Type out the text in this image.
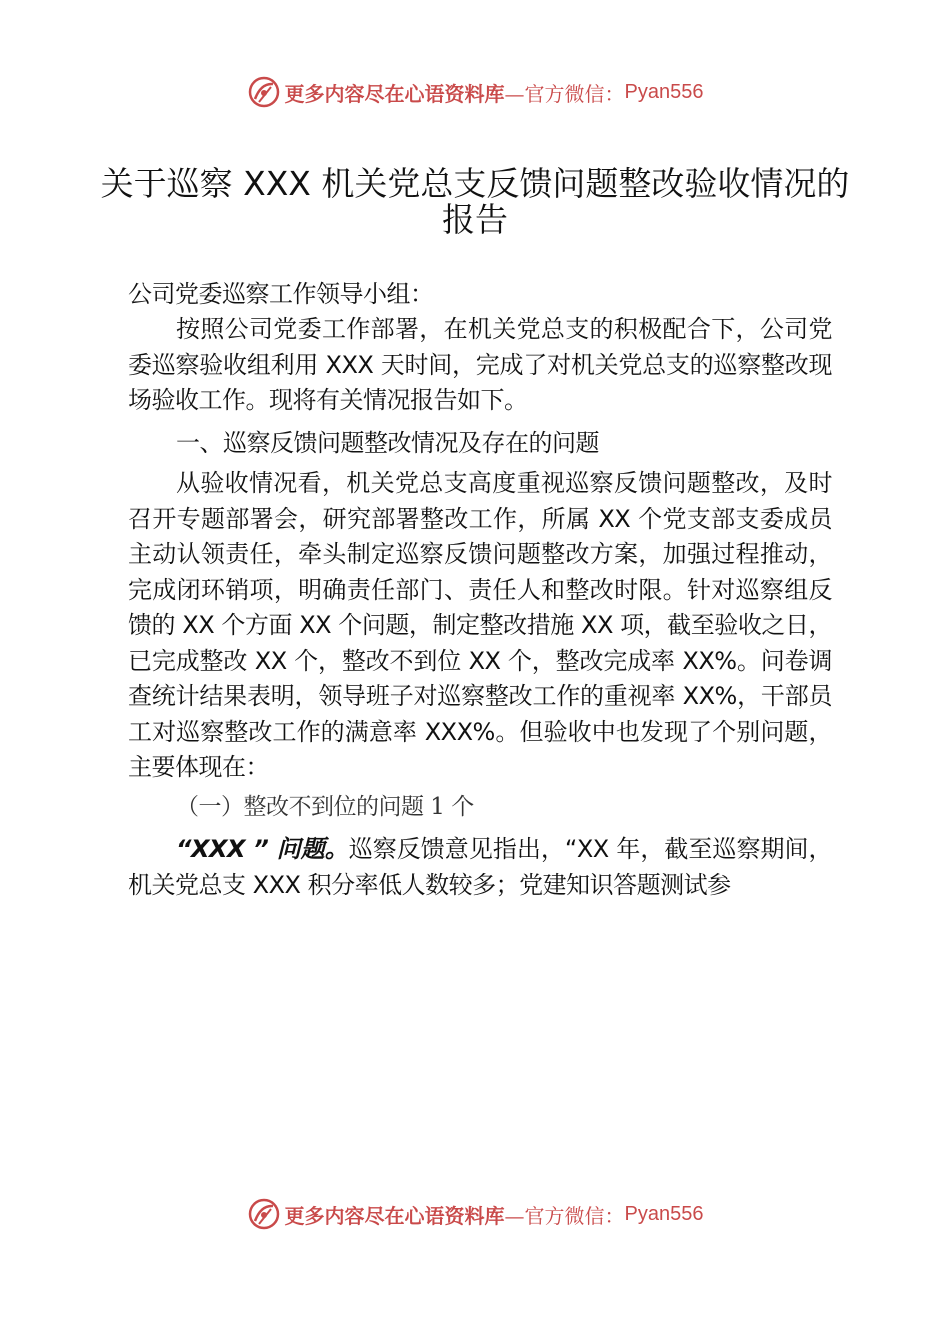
更多内容尽在心语资料库 —官方微信： Pyan556
关于巡察 XXX 机关党总支反馈问题整改验收情况的报告

公司党委巡察工作领导小组：

按照公司党委工作部署，在机关党总支的积极配合下，公司党委巡察验收组利用 XXX 天时间，完成了对机关党总支的巡察整改现场验收工作。现将有关情况报告如下。

一、巡察反馈问题整改情况及存在的问题

从验收情况看，机关党总支高度重视巡察反馈问题整改，及时召开专题部署会，研究部署整改工作，所属 XX 个党支部支委成员主动认领责任，牵头制定巡察反馈问题整改方案，加强过程推动，完成闭环销项，明确责任部门、责任人和整改时限。针对巡察组反馈的 XX 个方面 XX 个问题，制定整改措施 XX 项，截至验收之日，已完成整改 XX 个，整改不到位 XX 个，整改完成率 XX%。问卷调查统计结果表明，领导班子对巡察整改工作的重视率 XX%，干部员工对巡察整改工作的满意率 XXX%。但验收中也发现了个别问题，主要体现在：

（一）整改不到位的问题 1 个

“XXX ” 问题。巡察反馈意见指出，“XX 年，截至巡察期间，机关党总支 XXX 积分率低人数较多；党建知识答题测试参

更多内容尽在心语资料库 —官方微信： Pyan556
